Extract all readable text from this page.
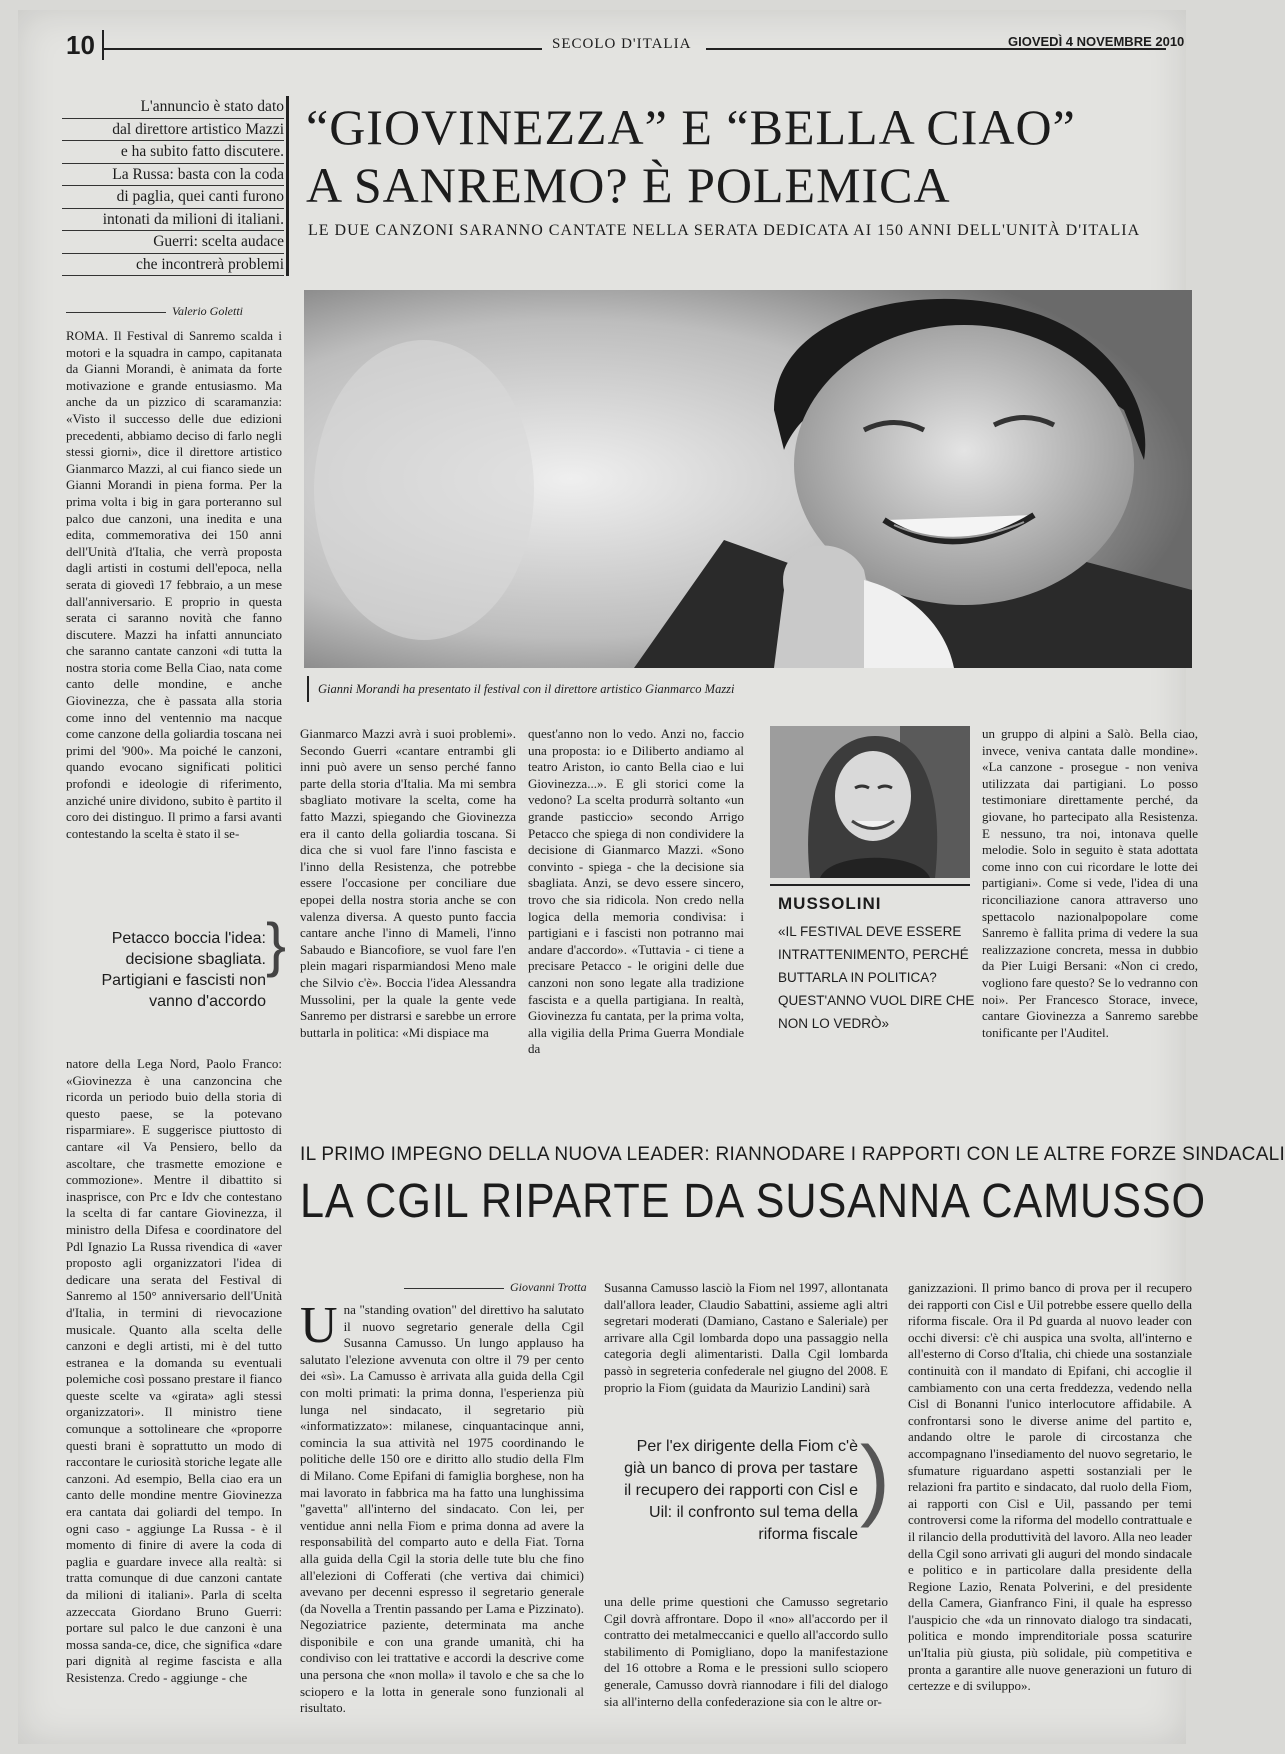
10	SECOLO D'ITALIA	GIOVEDÌ 4 NOVEMBRE 2010
L'annuncio è stato dato
dal direttore artistico Mazzi
e ha subito fatto discutere.
La Russa: basta con la coda
di paglia, quei canti furono
intonati da milioni di italiani.
Guerri: scelta audace
che incontrerà problemi
“GIOVINEZZA” E “BELLA CIAO”
A SANREMO? È POLEMICA
LE DUE CANZONI SARANNO CANTATE NELLA SERATA DEDICATA AI 150 ANNI DELL'UNITÀ D'ITALIA
Valerio Goletti

ROMA. Il Festival di Sanremo scalda i motori e la squadra in campo, capitanata da Gianni Morandi, è animata da forte motivazione e grande entusiasmo. Ma anche da un pizzico di scaramanzia: «Visto il successo delle due edizioni precedenti, abbiamo deciso di farlo negli stessi giorni», dice il direttore artistico Gianmarco Mazzi, al cui fianco siede un Gianni Morandi in piena forma. Per la prima volta i big in gara porteranno sul palco due canzoni, una inedita e una edita, commemorativa dei 150 anni dell'Unità d'Italia, che verrà proposta dagli artisti in costumi dell'epoca, nella serata di giovedì 17 febbraio, a un mese dall'anniversario. E proprio in questa serata ci saranno novità che fanno discutere. Mazzi ha infatti annunciato che saranno cantate canzoni «di tutta la nostra storia come Bella Ciao, nata come canto delle mondine, e anche Giovinezza, che è passata alla storia come inno del ventennio ma nacque come canzone della goliardia toscana nei primi del '900». Ma poiché le canzoni, quando evocano significati politici profondi e ideologie di riferimento, anziché unire dividono, subito è partito il coro dei distinguo. Il primo a farsi avanti contestando la scelta è stato il se-

Gianni Morandi ha presentato il festival con il direttore artistico Gianmarco Mazzi
Petacco boccia l'idea: decisione sbagliata. Partigiani e fascisti non vanno d'accordo
}

natore della Lega Nord, Paolo Franco: «Giovinezza è una canzoncina che ricorda un periodo buio della storia di questo paese, se la potevano risparmiare». E suggerisce piuttosto di cantare «il Va Pensiero, bello da ascoltare, che trasmette emozione e commozione». Mentre il dibattito si inasprisce, con Prc e Idv che contestano la scelta di far cantare Giovinezza, il ministro della Difesa e coordinatore del Pdl Ignazio La Russa rivendica di «aver proposto agli organizzatori l'idea di dedicare una serata del Festival di Sanremo al 150° anniversario dell'Unità d'Italia, in termini di rievocazione musicale. Quanto alla scelta delle canzoni e degli artisti, mi è del tutto estranea e la domanda su eventuali polemiche così possano prestare il fianco queste scelte va «girata» agli stessi organizzatori». Il ministro tiene comunque a sottolineare che «proporre questi brani è soprattutto un modo di raccontare le curiosità storiche legate alle canzoni. Ad esempio, Bella ciao era un canto delle mondine mentre Giovinezza era cantata dai goliardi del tempo. In ogni caso - aggiunge La Russa - è il momento di finire di avere la coda di paglia e guardare invece alla realtà: si tratta comunque di due canzoni cantate da milioni di italiani». Parla di scelta azzeccata Giordano Bruno Guerri: portare sul palco le due canzoni è una mossa sanda-ce, dice, che significa «dare pari dignità al regime fascista e alla Resistenza. Credo - aggiunge - che

Gianmarco Mazzi avrà i suoi problemi». Secondo Guerri «cantare entrambi gli inni può avere un senso perché fanno parte della storia d'Italia. Ma mi sembra sbagliato motivare la scelta, come ha fatto Mazzi, spiegando che Giovinezza era il canto della goliardia toscana. Si dica che si vuol fare l'inno fascista e l'inno della Resistenza, che potrebbe essere l'occasione per conciliare due epopei della nostra storia anche se con valenza diversa. A questo punto faccia cantare anche l'inno di Mameli, l'inno Sabaudo e Biancofiore, se vuol fare l'en plein magari risparmiandosi Meno male che Silvio c'è». Boccia l'idea Alessandra Mussolini, per la quale la gente vede Sanremo per distrarsi e sarebbe un errore buttarla in politica: «Mi dispiace ma

quest'anno non lo vedo. Anzi no, faccio una proposta: io e Diliberto andiamo al teatro Ariston, io canto Bella ciao e lui Giovinezza...». E gli storici come la vedono? La scelta produrrà soltanto «un grande pasticcio» secondo Arrigo Petacco che spiega di non condividere la decisione di Gianmarco Mazzi. «Sono convinto - spiega - che la decisione sia sbagliata. Anzi, se devo essere sincero, trovo che sia ridicola. Non credo nella logica della memoria condivisa: i partigiani e i fascisti non potranno mai andare d'accordo». «Tuttavia - ci tiene a precisare Petacco - le origini delle due canzoni non sono legate alla tradizione fascista e a quella partigiana. In realtà, Giovinezza fu cantata, per la prima volta, alla vigilia della Prima Guerra Mondiale da

MUSSOLINI
«IL FESTIVAL DEVE ESSERE INTRATTENIMENTO, PERCHÉ BUTTARLA IN POLITICA? QUEST'ANNO VUOL DIRE CHE NON LO VEDRÒ»

un gruppo di alpini a Salò. Bella ciao, invece, veniva cantata dalle mondine». «La canzone - prosegue - non veniva utilizzata dai partigiani. Lo posso testimoniare direttamente perché, da giovane, ho partecipato alla Resistenza. E nessuno, tra noi, intonava quelle melodie. Solo in seguito è stata adottata come inno con cui ricordare le lotte dei partigiani». Come si vede, l'idea di una riconciliazione canora attraverso uno spettacolo nazionalpopolare come Sanremo è fallita prima di vedere la sua realizzazione concreta, messa in dubbio da Pier Luigi Bersani: «Non ci credo, vogliono fare questo? Se lo vedranno con noi». Per Francesco Storace, invece, cantare Giovinezza a Sanremo sarebbe tonificante per l'Auditel.

IL PRIMO IMPEGNO DELLA NUOVA LEADER: RIANNODARE I RAPPORTI CON LE ALTRE FORZE SINDACALI
LA CGIL RIPARTE DA SUSANNA CAMUSSO
Giovanni Trotta
U na "standing ovation" del direttivo ha salutato il nuovo segretario generale della Cgil Susanna Camusso. Un lungo applauso ha salutato l'elezione avvenuta con oltre il 79 per cento dei «sì». La Camusso è arrivata alla guida della Cgil con molti primati: la prima donna, l'esperienza più lunga nel sindacato, il segretario più «informatizzato»: milanese, cinquantacinque anni, comincia la sua attività nel 1975 coordinando le politiche delle 150 ore e diritto allo studio della Flm di Milano. Come Epifani di famiglia borghese, non ha mai lavorato in fabbrica ma ha fatto una lunghissima "gavetta" all'interno del sindacato. Con lei, per ventidue anni nella Fiom e prima donna ad avere la responsabilità del comparto auto e della Fiat. Torna alla guida della Cgil la storia delle tute blu che fino all'elezioni di Cofferati (che vertiva dai chimici) avevano per decenni espresso il segretario generale (da Novella a Trentin passando per Lama e Pizzinato). Negoziatrice paziente, determinata ma anche disponibile e con una grande umanità, chi ha condiviso con lei trattative e accordi la descrive come una persona che «non molla» il tavolo e che sa che lo sciopero e la lotta in generale sono funzionali al risultato.

Susanna Camusso lasciò la Fiom nel 1997, allontanata dall'allora leader, Claudio Sabattini, assieme agli altri segretari moderati (Damiano, Castano e Saleriale) per arrivare alla Cgil lombarda dopo una passaggio nella categoria degli alimentaristi. Dalla Cgil lombarda passò in segreteria confederale nel giugno del 2008. E proprio la Fiom (guidata da Maurizio Landini) sarà

Per l'ex dirigente della Fiom c'è già un banco di prova per tastare il recupero dei rapporti con Cisl e Uil: il confronto sul tema della riforma fiscale
)

una delle prime questioni che Camusso segretario Cgil dovrà affrontare. Dopo il «no» all'accordo per il contratto dei metalmeccanici e quello all'accordo sullo stabilimento di Pomigliano, dopo la manifestazione del 16 ottobre a Roma e le pressioni sullo sciopero generale, Camusso dovrà riannodare i fili del dialogo sia all'interno della confederazione sia con le altre or-

ganizzazioni. Il primo banco di prova per il recupero dei rapporti con Cisl e Uil potrebbe essere quello della riforma fiscale. Ora il Pd guarda al nuovo leader con occhi diversi: c'è chi auspica una svolta, all'interno e all'esterno di Corso d'Italia, chi chiede una sostanziale continuità con il mandato di Epifani, chi accoglie il cambiamento con una certa freddezza, vedendo nella Cisl di Bonanni l'unico interlocutore affidabile. A confrontarsi sono le diverse anime del partito e, andando oltre le parole di circostanza che accompagnano l'insediamento del nuovo segretario, le sfumature riguardano aspetti sostanziali per le relazioni fra partito e sindacato, dal ruolo della Fiom, ai rapporti con Cisl e Uil, passando per temi controversi come la riforma del modello contrattuale e il rilancio della produttività del lavoro. Alla neo leader della Cgil sono arrivati gli auguri del mondo sindacale e politico e in particolare dalla presidente della Regione Lazio, Renata Polverini, e del presidente della Camera, Gianfranco Fini, il quale ha espresso l'auspicio che «da un rinnovato dialogo tra sindacati, politica e mondo imprenditoriale possa scaturire un'Italia più giusta, più solidale, più competitiva e pronta a garantire alle nuove generazioni un futuro di certezze e di sviluppo».
